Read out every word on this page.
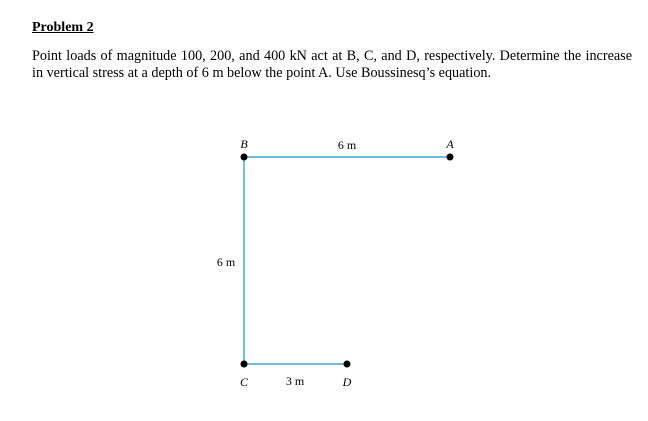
Problem 2
Point loads of magnitude 100, 200, and 400 kN act at B, C, and D, respectively. Determine the increase in vertical stress at a depth of 6 m below the point A. Use Boussinesq’s equation.
B	A
C	D
6 m
6 m
3 m
